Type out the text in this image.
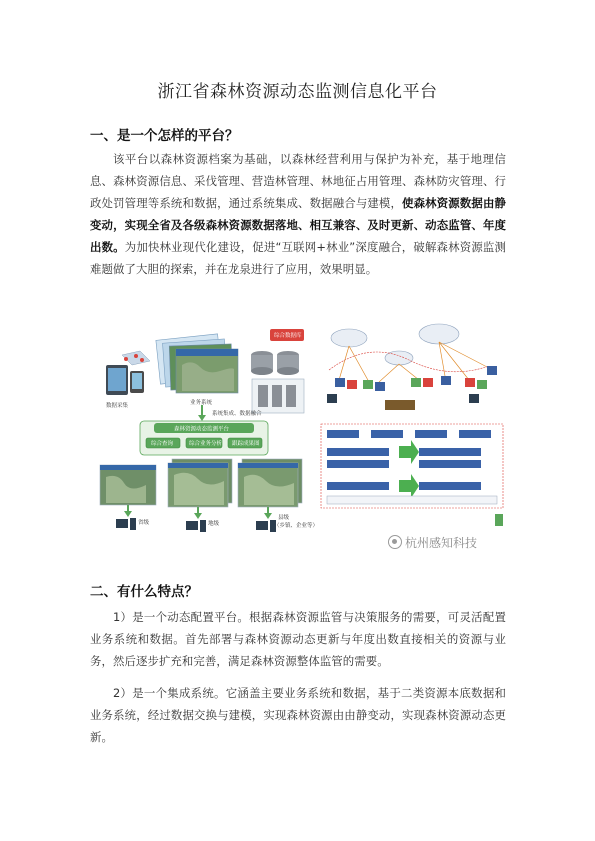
浙江省森林资源动态监测信息化平台
一、是一个怎样的平台？
该平台以森林资源档案为基础，以森林经营利用与保护为补充，基于地理信息、森林资源信息、采伐管理、营造林管理、林地征占用管理、森林防灾管理、行政处罚管理等系统和数据，通过系统集成、数据融合与建模，使森林资源数据由静变动，实现全省及各级森林资源数据落地、相互兼容、及时更新、动态监管、年度出数。为加快林业现代化建设，促进“互联网+林业”深度融合，破解森林资源监测难题做了大胆的探索，并在龙泉进行了应用，效果明显。
数据采集	业务系统
综合数据库
系统集成、数据融合
森林资源动态监测平台
综合查询	综合业务分析 跟踪成果图
省级	地级
县级
（乡镇、企业等）
杭州感知科技
二、有什么特点？
1）是一个动态配置平台。根据森林资源监管与决策服务的需要，可灵活配置业务系统和数据。首先部署与森林资源动态更新与年度出数直接相关的资源与业务，然后逐步扩充和完善，满足森林资源整体监管的需要。
2）是一个集成系统。它涵盖主要业务系统和数据，基于二类资源本底数据和业务系统，经过数据交换与建模，实现森林资源由由静变动，实现森林资源动态更新。
